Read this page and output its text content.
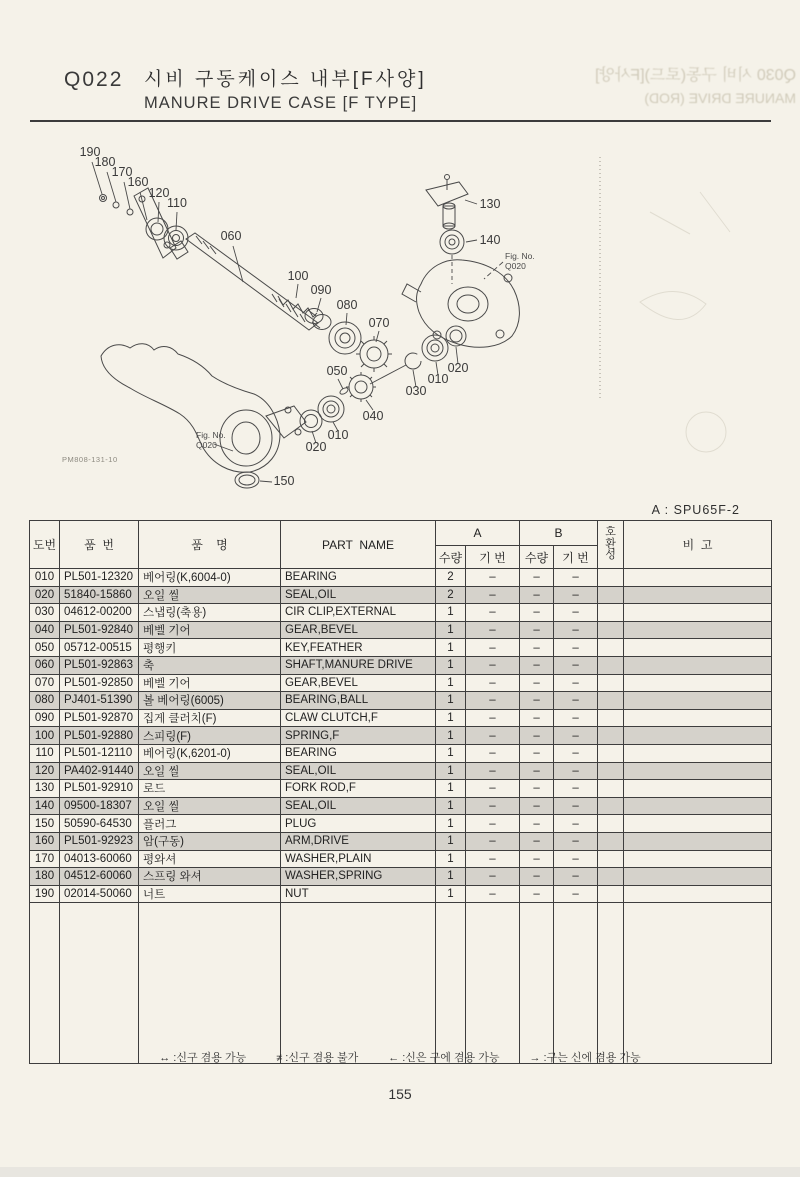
Q022 시비 구동케이스 내부[F사양]
MANURE DRIVE CASE [F TYPE]
Q030 시비 구동(로드)[F사양]
MANURE DRIVE (ROD)
Fig. No.
Q020
Fig. No.
Q020
PM808-131-10
190
180
170
160
120
110
060
100
090
080
070
130
140
020
010
030
050
040
010
020
150
A : SPU65F-2
도번	품  번	품    명	PART  NAME	A		B		호환성	비  고
				수량	기 번	수량	기 번		
010	PL501-12320	베어링(K,6004-0)	BEARING	2	–	–	–		
020	51840-15860	오일 씰	SEAL,OIL	2	–	–	–		
030	04612-00200	스냅링(축용)	CIR CLIP,EXTERNAL	1	–	–	–		
040	PL501-92840	베벨 기어	GEAR,BEVEL	1	–	–	–		
050	05712-00515	평행키	KEY,FEATHER	1	–	–	–		
060	PL501-92863	축	SHAFT,MANURE DRIVE	1	–	–	–		
070	PL501-92850	베벨 기어	GEAR,BEVEL	1	–	–	–		
080	PJ401-51390	볼 베어링(6005)	BEARING,BALL	1	–	–	–		
090	PL501-92870	집게 클러치(F)	CLAW CLUTCH,F	1	–	–	–		
100	PL501-92880	스피링(F)	SPRING,F	1	–	–	–		
110	PL501-12110	베어링(K,6201-0)	BEARING	1	–	–	–		
120	PA402-91440	오일 씰	SEAL,OIL	1	–	–	–		
130	PL501-92910	로드	FORK ROD,F	1	–	–	–		
140	09500-18307	오일 씰	SEAL,OIL	1	–	–	–		
150	50590-64530	플러그	PLUG	1	–	–	–		
160	PL501-92923	암(구동)	ARM,DRIVE	1	–	–	–		
170	04013-60060	평와셔	WASHER,PLAIN	1	–	–	–		
180	04512-60060	스프링 와셔	WASHER,SPRING	1	–	–	–		
190	02014-50060	너트	NUT	1	–	–	–		

↔ :신구 겸용 가능	≠ :신구 겸용 불가	← :신은 구에 겸용 가능	→ :구는 신에 겸용 가능
155
